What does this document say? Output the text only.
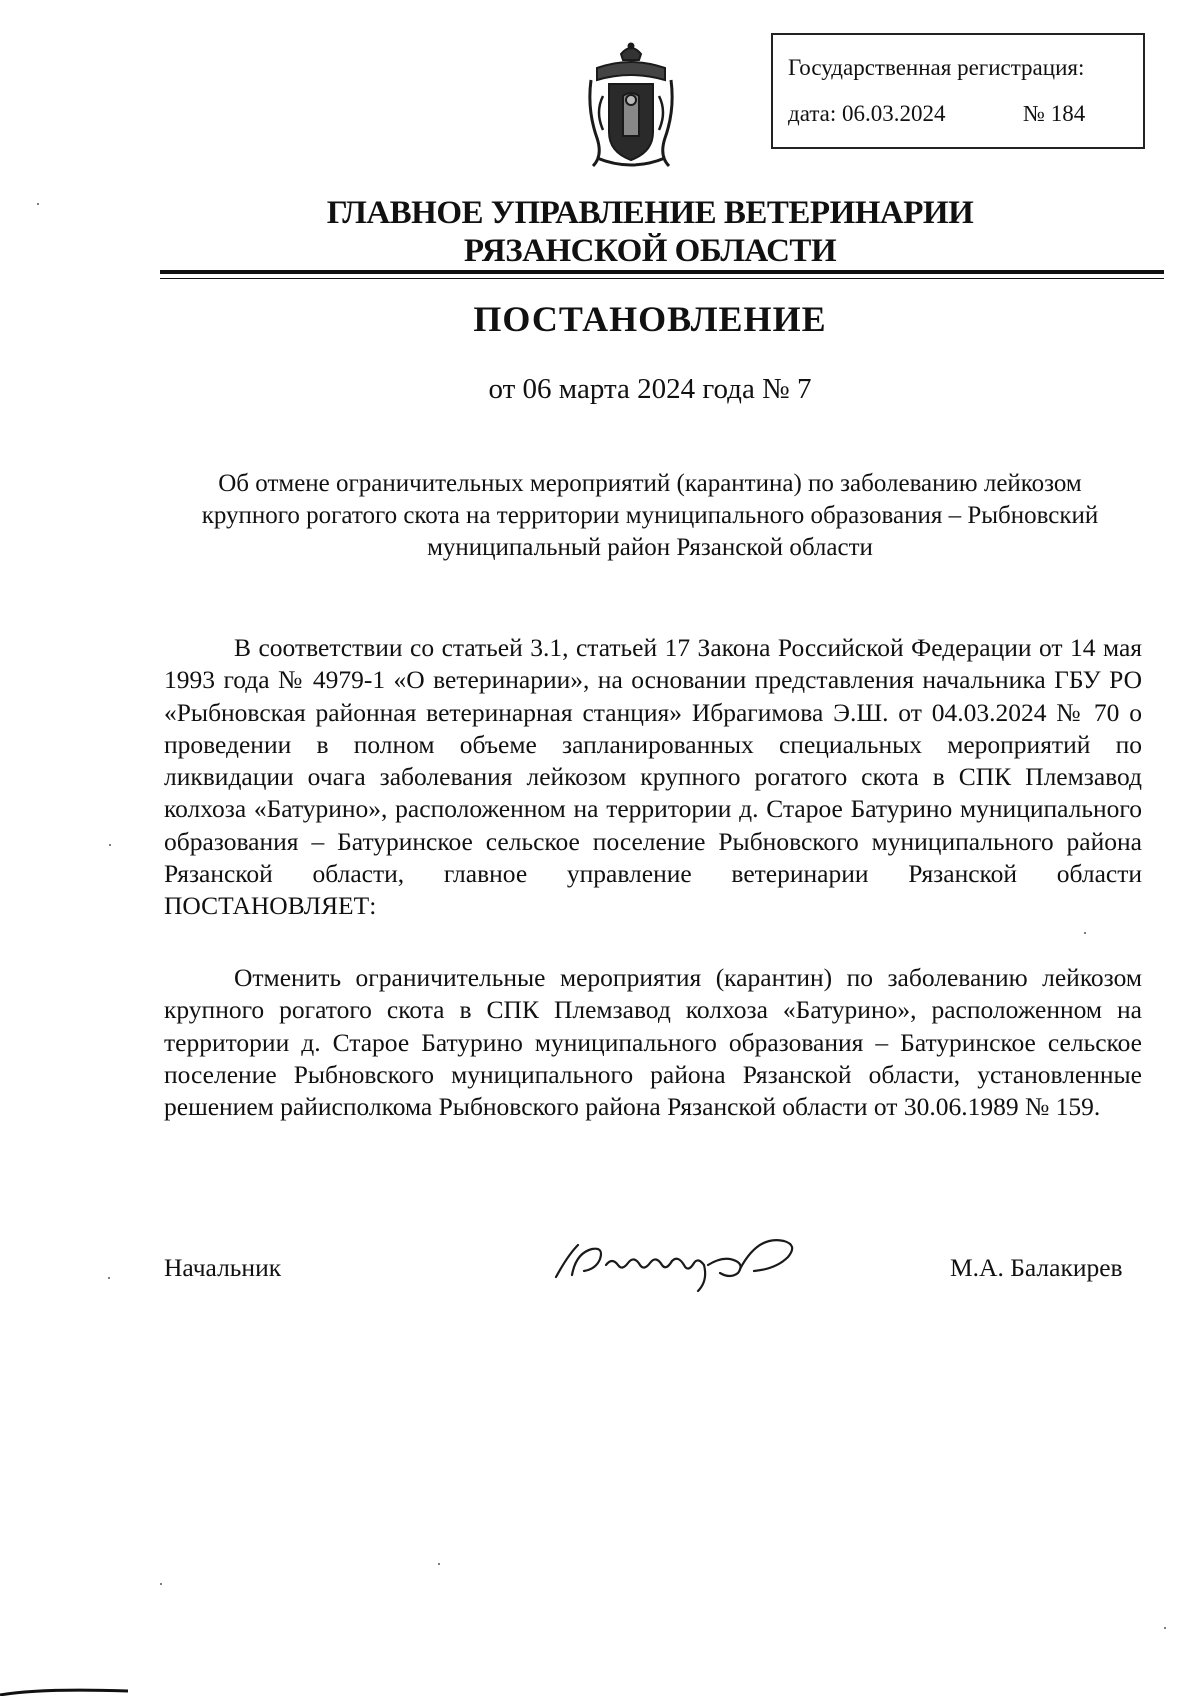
Государственная регистрация:
дата: 06.03.2024	№ 184
ГЛАВНОЕ УПРАВЛЕНИЕ ВЕТЕРИНАРИИ
РЯЗАНСКОЙ ОБЛАСТИ
ПОСТАНОВЛЕНИЕ
от 06 марта 2024 года № 7
Об отмене ограничительных мероприятий (карантина) по заболеванию лейкозом крупного рогатого скота на территории муниципального образования – Рыбновский муниципальный район Рязанской области

В соответствии со статьей 3.1, статьей 17 Закона Российской Федерации от 14 мая 1993 года № 4979-1 «О ветеринарии», на основании представления начальника ГБУ РО «Рыбновская районная ветеринарная станция» Ибрагимова Э.Ш. от 04.03.2024 № 70 о проведении в полном объеме запланированных специальных мероприятий по ликвидации очага заболевания лейкозом крупного рогатого скота в СПК Племзавод колхоза «Батурино», расположенном на территории д. Старое Батурино муниципального образования – Батуринское сельское поселение Рыбновского муниципального района Рязанской области, главное управление ветеринарии Рязанской области ПОСТАНОВЛЯЕТ:

Отменить ограничительные мероприятия (карантин) по заболеванию лейкозом крупного рогатого скота в СПК Племзавод колхоза «Батурино», расположенном на территории д. Старое Батурино муниципального образования – Батуринское сельское поселение Рыбновского муниципального района Рязанской области, установленные решением райисполкома Рыбновского района Рязанской области от 30.06.1989 № 159.

Начальник	М.А. Балакирев
